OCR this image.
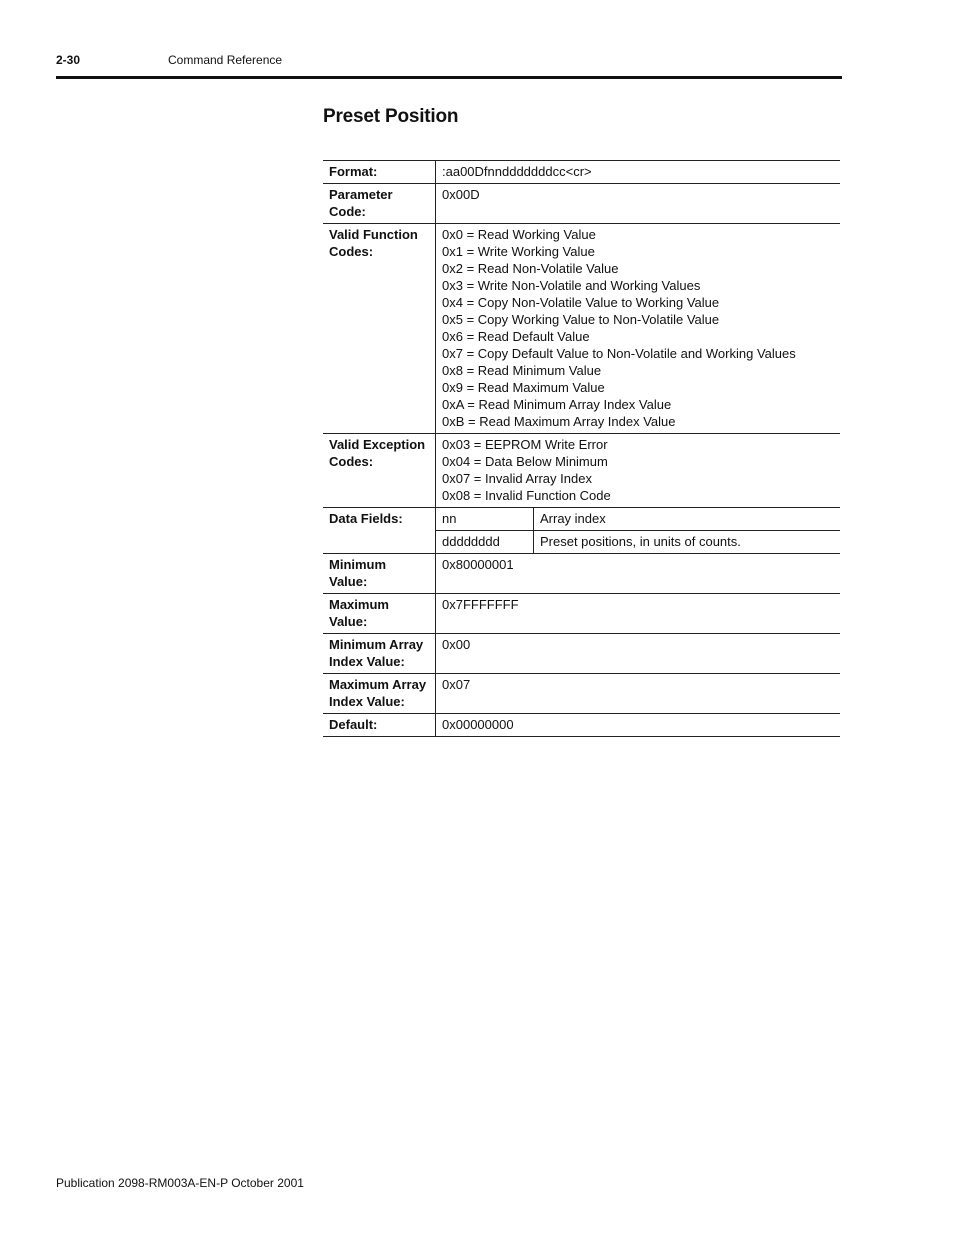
2-30	Command Reference
Preset Position
Format:	:aa00Dfnndddddddcc<cr>

Parameter
Code:
	0x00D

Valid Function
Codes:

0x0 = Read Working Value
0x1 = Write Working Value
0x2 = Read Non-Volatile Value
0x3 = Write Non-Volatile and Working Values
0x4 = Copy Non-Volatile Value to Working Value
0x5 = Copy Working Value to Non-Volatile Value
0x6 = Read Default Value
0x7 = Copy Default Value to Non-Volatile and Working Values
0x8 = Read Minimum Value
0x9 = Read Maximum Value
0xA = Read Minimum Array Index Value
0xB = Read Maximum Array Index Value

Valid Exception
Codes:

0x03 = EEPROM Write Error
0x04 = Data Below Minimum
0x07 = Invalid Array Index
0x08 = Invalid Function Code

Data Fields:		nn	Array index
dddddddd	Preset positions, in units of counts.

Minimum
Value:
	0x80000001

Maximum
Value:
	0x7FFFFFFF

Minimum Array
Index Value:
	0x00

Maximum Array
Index Value:
	0x07
Default:	0x00000000
Publication 2098-RM003A-EN-P October 2001
